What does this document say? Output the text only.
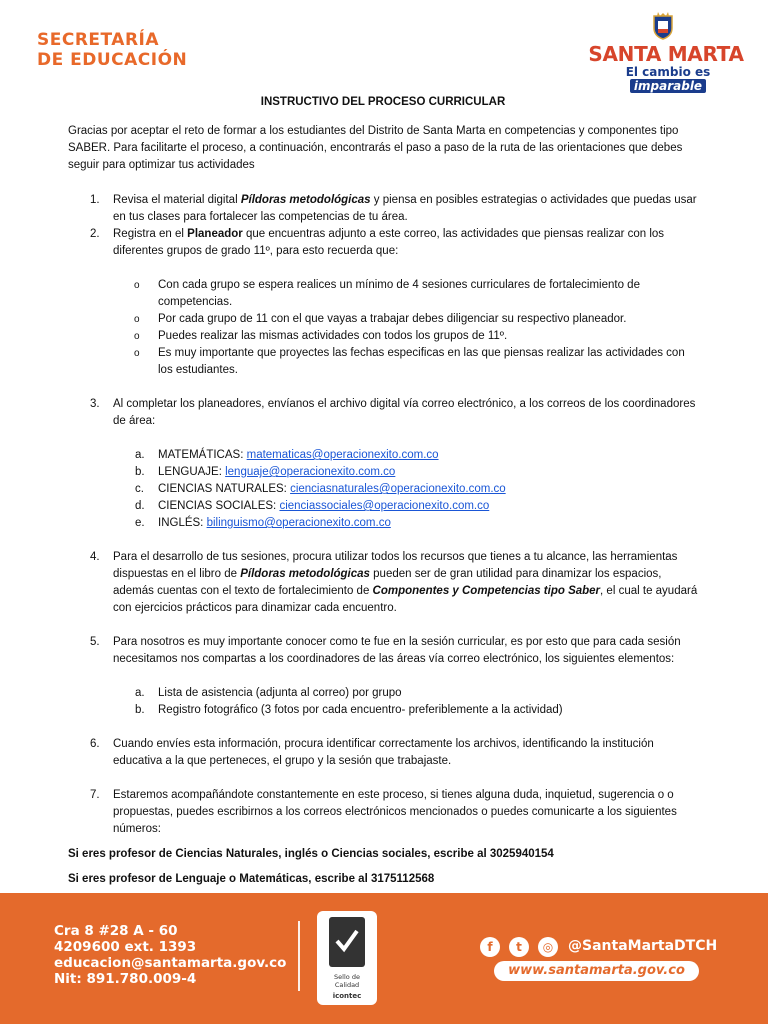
SECRETARÍA
DE EDUCACIÓN	SANTA MARTA
El cambio es imparable
INSTRUCTIVO DEL PROCESO CURRICULAR

Gracias por aceptar el reto de formar a los estudiantes del Distrito de Santa Marta en competencias y componentes tipo SABER. Para facilitarte el proceso, a continuación, encontrarás el paso a paso de la ruta de las orientaciones que debes seguir para optimizar tus actividades

1. Revisa el material digital Píldoras metodológicas y piensa en posibles estrategias o actividades que puedas usar en tus clases para fortalecer las competencias de tu área.

2. Registra en el Planeador que encuentras adjunto a este correo, las actividades que piensas realizar con los diferentes grupos de grado 11º, para esto recuerda que:

o Con cada grupo se espera realices un mínimo de 4 sesiones curriculares de fortalecimiento de competencias.

o Por cada grupo de 11 con el que vayas a trabajar debes diligenciar su respectivo planeador.

o Puedes realizar las mismas actividades con todos los grupos de 11º.

o Es muy importante que proyectes las fechas especificas en las que piensas realizar las actividades con los estudiantes.

3. Al completar los planeadores, envíanos el archivo digital vía correo electrónico, a los correos de los coordinadores de área:

a. MATEMÁTICAS: matematicas@operacionexito.com.co

b. LENGUAJE: lenguaje@operacionexito.com.co

c. CIENCIAS NATURALES: cienciasnaturales@operacionexito.com.co

d. CIENCIAS SOCIALES: cienciassociales@operacionexito.com.co

e. INGLÉS: bilinguismo@operacionexito.com.co

4. Para el desarrollo de tus sesiones, procura utilizar todos los recursos que tienes a tu alcance, las herramientas dispuestas en el libro de Píldoras metodológicas pueden ser de gran utilidad para dinamizar los espacios, además cuentas con el texto de fortalecimiento de Componentes y Competencias tipo Saber, el cual te ayudará con ejercicios prácticos para dinamizar cada encuentro.

5. Para nosotros es muy importante conocer como te fue en la sesión curricular, es por esto que para cada sesión necesitamos nos compartas a los coordinadores de las áreas vía correo electrónico, los siguientes elementos:

a. Lista de asistencia (adjunta al correo) por grupo

b. Registro fotográfico (3 fotos por cada encuentro- preferiblemente a la actividad)

6. Cuando envíes esta información, procura identificar correctamente los archivos, identificando la institución educativa a la que perteneces, el grupo y la sesión que trabajaste.

7. Estaremos acompañándote constantemente en este proceso, si tienes alguna duda, inquietud, sugerencia o o propuestas, puedes escribirnos a los correos electrónicos mencionados o puedes comunicarte a los siguientes números:

Si eres profesor de Ciencias Naturales, inglés o Ciencias sociales, escribe al 3025940154

Si eres profesor de Lenguaje o Matemáticas, escribe al 3175112568

Cra 8 #28 A - 60
4209600 ext. 1393
educacion@santamarta.gov.co
Nit: 891.780.009-4	Sello de
Calidad
icontec
f	t	◎	@SantaMartaDTCH
www.santamarta.gov.co
